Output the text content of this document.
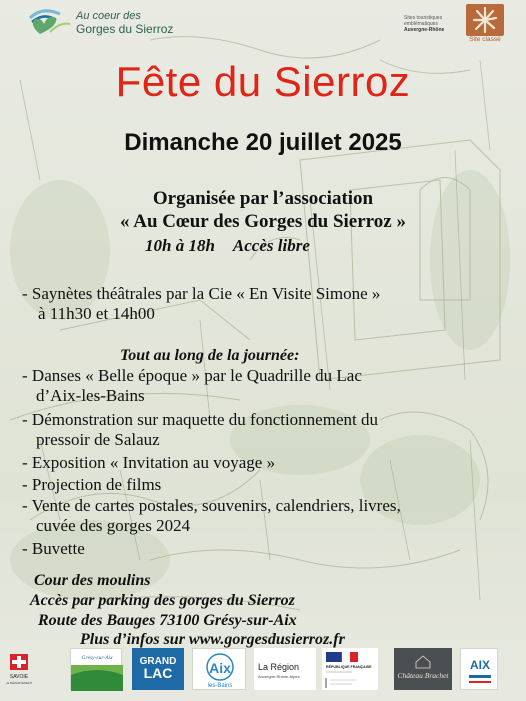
Au coeur des
Gorges du Sierroz
Sites touristiques
emblématiques
Auvergne-Rhône
Site classé
Fête du Sierroz
Dimanche 20 juillet 2025
Organisée par l’association
« Au Cœur des Gorges du Sierroz »
10h à 18h Accès libre
- Saynètes théâtrales par la Cie « En Visite Simone »
à 11h30 et 14h00
Tout au long de la journée:
- Danses « Belle époque » par le Quadrille du Lac
d’Aix-les-Bains
- Démonstration sur maquette du fonctionnement du
pressoir de Salauz
- Exposition « Invitation au voyage »
- Projection de films
- Vente de cartes postales, souvenirs, calendriers, livres,
cuvée des gorges 2024
- Buvette
Cour des moulins
Accès par parking des gorges du Sierroz
Route des Bauges 73100 Grésy-sur-Aix
Plus d’infos sur www.gorgesdusierroz.fr
SAVOIE
LE DÉPARTEMENT
Grésy-sur-Aix	GRAND
LAC	Aix
les-Bains
La Région
Auvergne-Rhône-Alpes
RÉPUBLIQUE FRANÇAISE
Château Brachet
AIX
